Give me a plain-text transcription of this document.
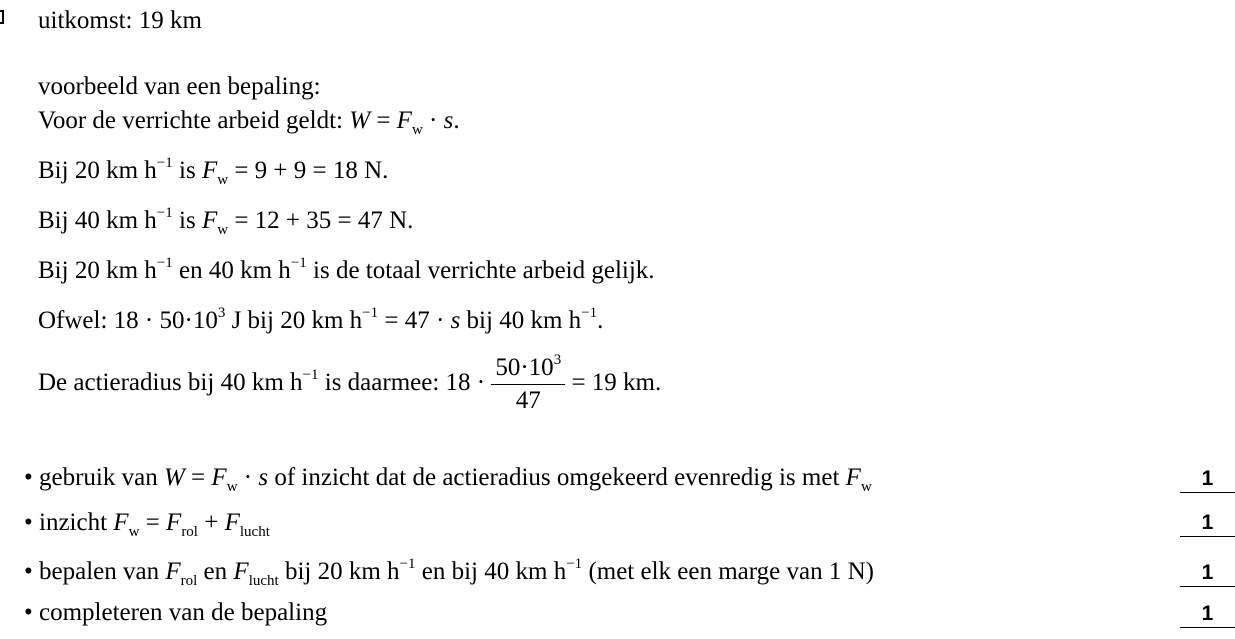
uitkomst: 19 km
voorbeeld van een bepaling:
Voor de verrichte arbeid geldt: $W = F_w \cdot s$.
Bij 20 km $h^{-1}$ is $F_w = 9 + 9 = 18$ N.
Bij 40 km $h^{-1}$ is $F_w = 12 + 35 = 47$ N.
Bij 20 km $h^{-1}$ en 40 km $h^{-1}$ is de totaal verrichte arbeid gelijk.
Ofwel: $18 \cdot 50\cdot 10^3$ J bij 20 km $h^{-1} = 47 \cdot s$ bij 40 km $h^{-1}$.
De actieradius bij 40 km $h^{-1}$ is daarmee: $18 \cdot \frac{50\cdot 10^3}{47} = 19$ km.
• gebruik van $W = F_w \cdot s$ of inzicht dat de actieradius omgekeerd evenredig is met $F_w$	1
• inzicht $F_w = F_{rol} + F_{lucht}$	1
• bepalen van $F_{rol}$ en $F_{lucht}$ bij 20 km $h^{-1}$ en bij 40 km $h^{-1}$ (met elk een marge van 1 N)	1
• completeren van de bepaling	1
